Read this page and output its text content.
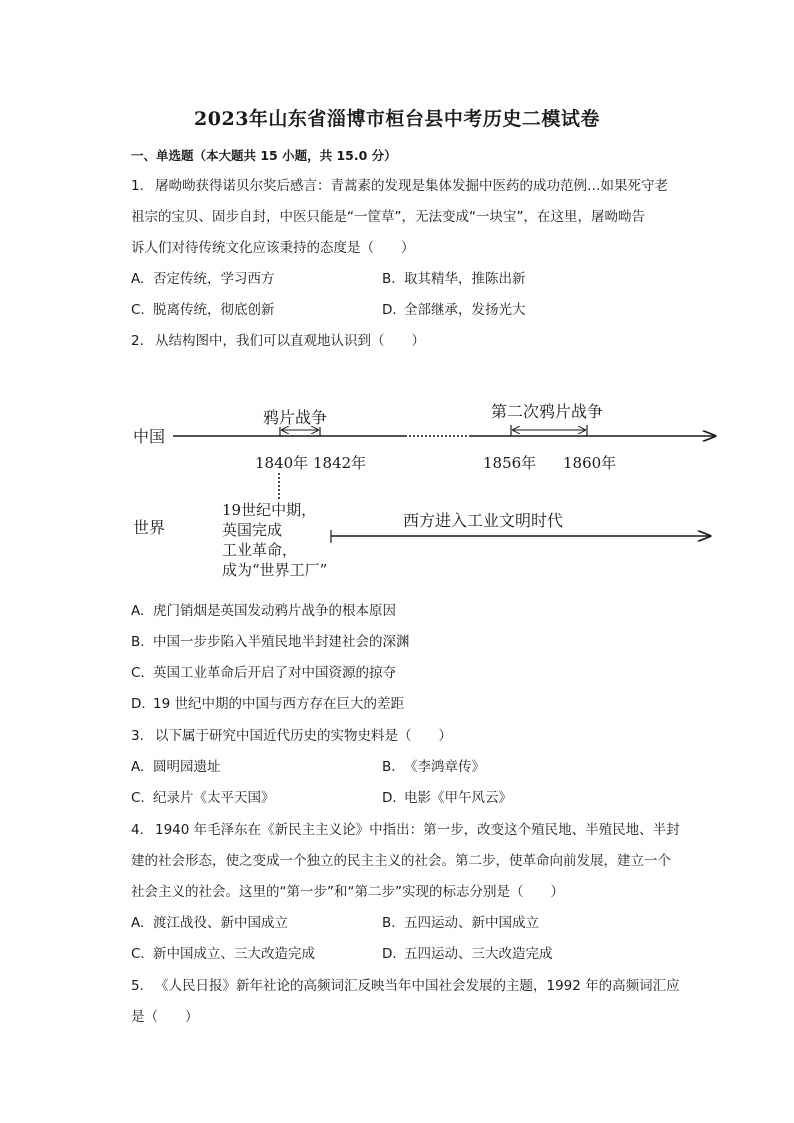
2023年山东省淄博市桓台县中考历史二模试卷
一、单选题（本大题共 15 小题，共 15.0 分）
1. 屠呦呦获得诺贝尔奖后感言：青蒿素的发现是集体发掘中医药的成功范例…如果死守老
祖宗的宝贝、固步自封，中医只能是“一筐草”，无法变成“一块宝”，在这里，屠呦呦告
诉人们对待传统文化应该秉持的态度是（　　）
A. 否定传统，学习西方	B. 取其精华，推陈出新
C. 脱离传统，彻底创新	D. 全部继承，发扬光大
2. 从结构图中，我们可以直观地认识到（　　）
中国
鸦片战争
1840年 1842年
第二次鸦片战争
1856年 1860年
世界
19世纪中期，
英国完成
工业革命，
成为“世界工厂”
西方进入工业文明时代
A. 虎门销烟是英国发动鸦片战争的根本原因
B. 中国一步步陷入半殖民地半封建社会的深渊
C. 英国工业革命后开启了对中国资源的掠夺
D. 19 世纪中期的中国与西方存在巨大的差距
3. 以下属于研究中国近代历史的实物史料是（　　）
A. 圆明园遗址	B. 《李鸿章传》
C. 纪录片《太平天国》	D. 电影《甲午风云》
4. 1940 年毛泽东在《新民主主义论》中指出：第一步，改变这个殖民地、半殖民地、半封
建的社会形态，使之变成一个独立的民主主义的社会。第二步，使革命向前发展，建立一个
社会主义的社会。这里的“第一步”和“第二步”实现的标志分别是（　　）
A. 渡江战役、新中国成立	B. 五四运动、新中国成立
C. 新中国成立、三大改造完成	D. 五四运动、三大改造完成
5. 《人民日报》新年社论的高频词汇反映当年中国社会发展的主题，1992 年的高频词汇应
是（　　）
